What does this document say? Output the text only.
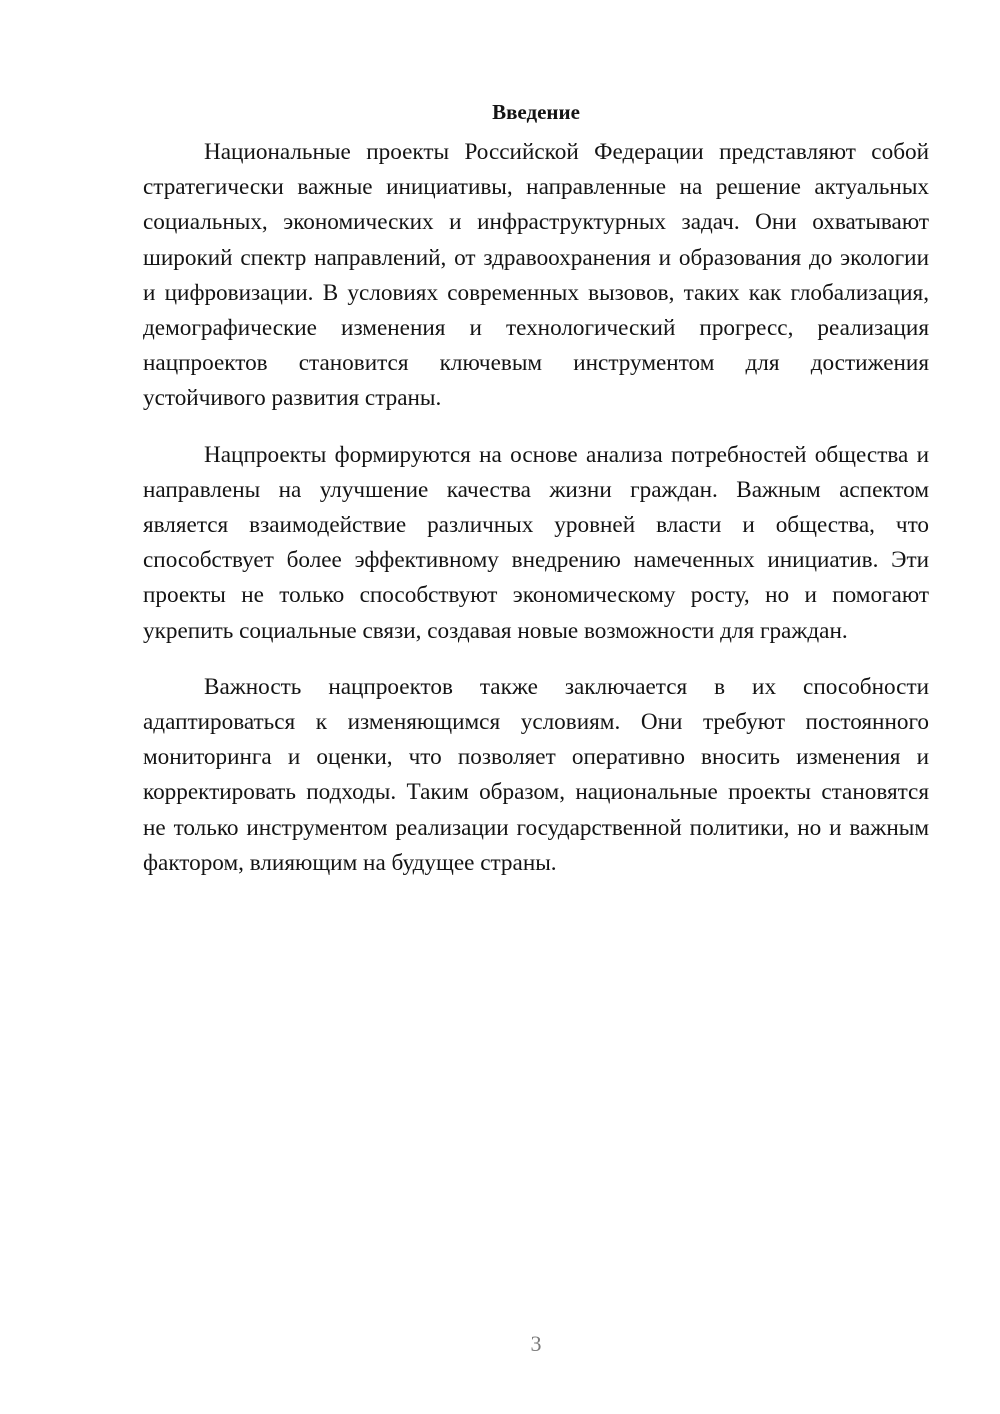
Введение

Национальные проекты Российской Федерации представляют собой стратегически важные инициативы, направленные на решение актуальных социальных, экономических и инфраструктурных задач. Они охватывают широкий спектр направлений, от здравоохранения и образования до экологии и цифровизации. В условиях современных вызовов, таких как глобализация, демографические изменения и технологический прогресс, реализация нацпроектов становится ключевым инструментом для достижения устойчивого развития страны.

Нацпроекты формируются на основе анализа потребностей общества и направлены на улучшение качества жизни граждан. Важным аспектом является взаимодействие различных уровней власти и общества, что способствует более эффективному внедрению намеченных инициатив. Эти проекты не только способствуют экономическому росту, но и помогают укрепить социальные связи, создавая новые возможности для граждан.

Важность нацпроектов также заключается в их способности адаптироваться к изменяющимся условиям. Они требуют постоянного мониторинга и оценки, что позволяет оперативно вносить изменения и корректировать подходы. Таким образом, национальные проекты становятся не только инструментом реализации государственной политики, но и важным фактором, влияющим на будущее страны.

3
